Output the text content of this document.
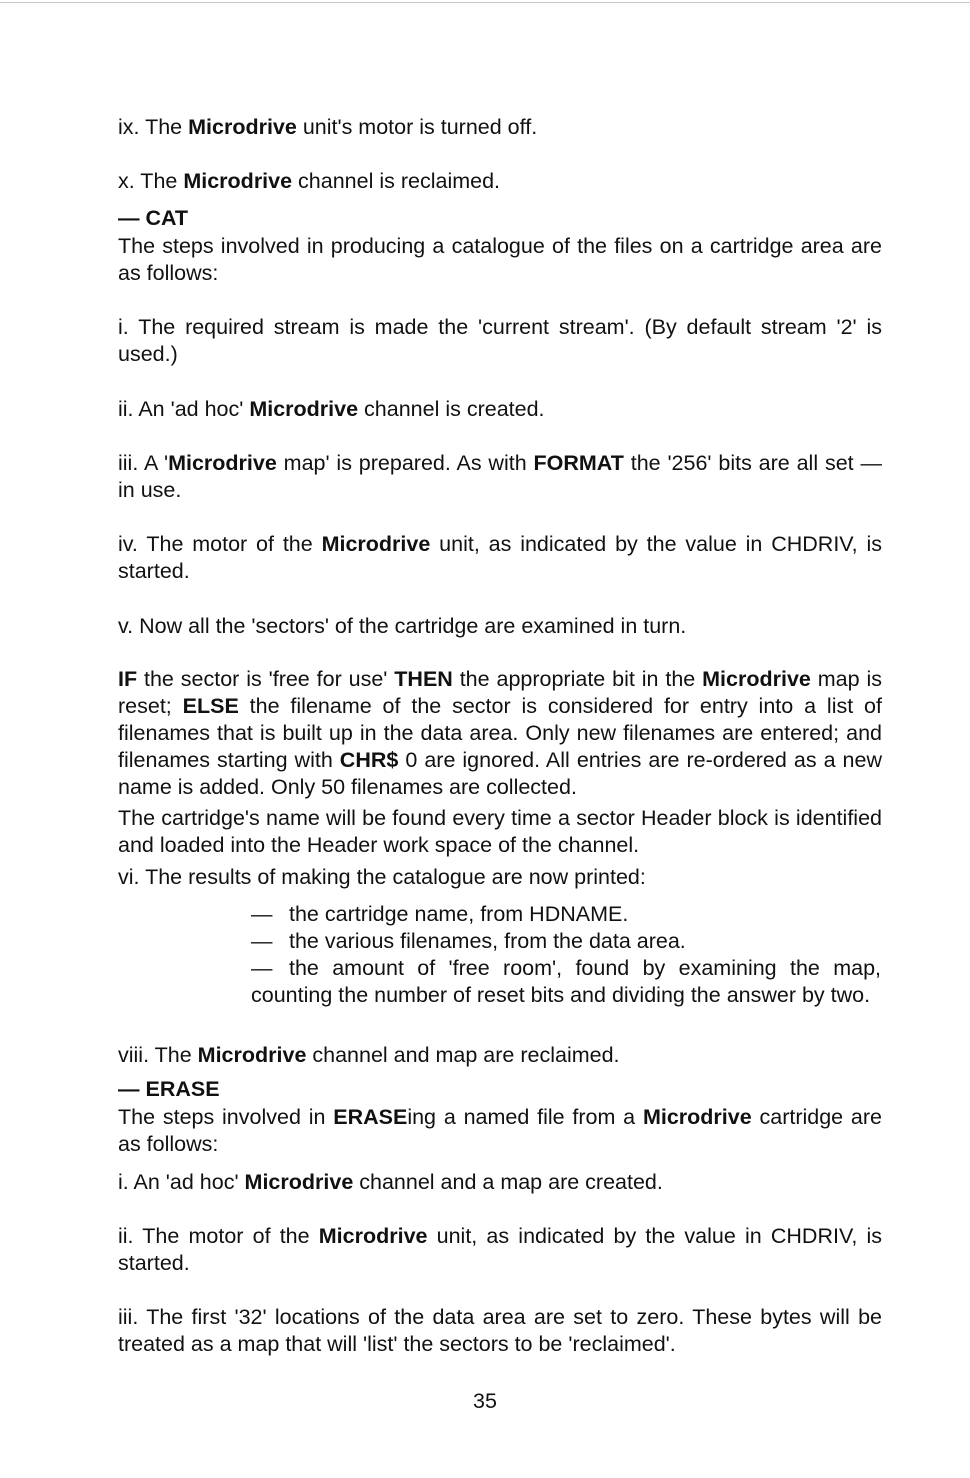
ix. The Microdrive unit's motor is turned off.

x. The Microdrive channel is reclaimed.

— CAT

The steps involved in producing a catalogue of the files on a cartridge area are as follows:

i. The required stream is made the 'current stream'. (By default stream '2' is used.)

ii. An 'ad hoc' Microdrive channel is created.

iii. A 'Microdrive map' is prepared. As with FORMAT the '256' bits are all set — in use.

iv. The motor of the Microdrive unit, as indicated by the value in CHDRIV, is started.

v. Now all the 'sectors' of the cartridge are examined in turn.

IF the sector is 'free for use' THEN the appropriate bit in the Microdrive map is reset; ELSE the filename of the sector is considered for entry into a list of filenames that is built up in the data area. Only new filenames are entered; and filenames starting with CHR$ 0 are ignored. All entries are re-ordered as a new name is added. Only 50 filenames are collected.

The cartridge's name will be found every time a sector Header block is identified and loaded into the Header work space of the channel.

vi. The results of making the catalogue are now printed:

— the cartridge name, from HDNAME.

— the various filenames, from the data area.

— the amount of 'free room', found by examining the map, counting the number of reset bits and dividing the answer by two.

viii. The Microdrive channel and map are reclaimed.

— ERASE

The steps involved in ERASEing a named file from a Microdrive cartridge are as follows:

i. An 'ad hoc' Microdrive channel and a map are created.

ii. The motor of the Microdrive unit, as indicated by the value in CHDRIV, is started.

iii. The first '32' locations of the data area are set to zero. These bytes will be treated as a map that will 'list' the sectors to be 'reclaimed'.

35
